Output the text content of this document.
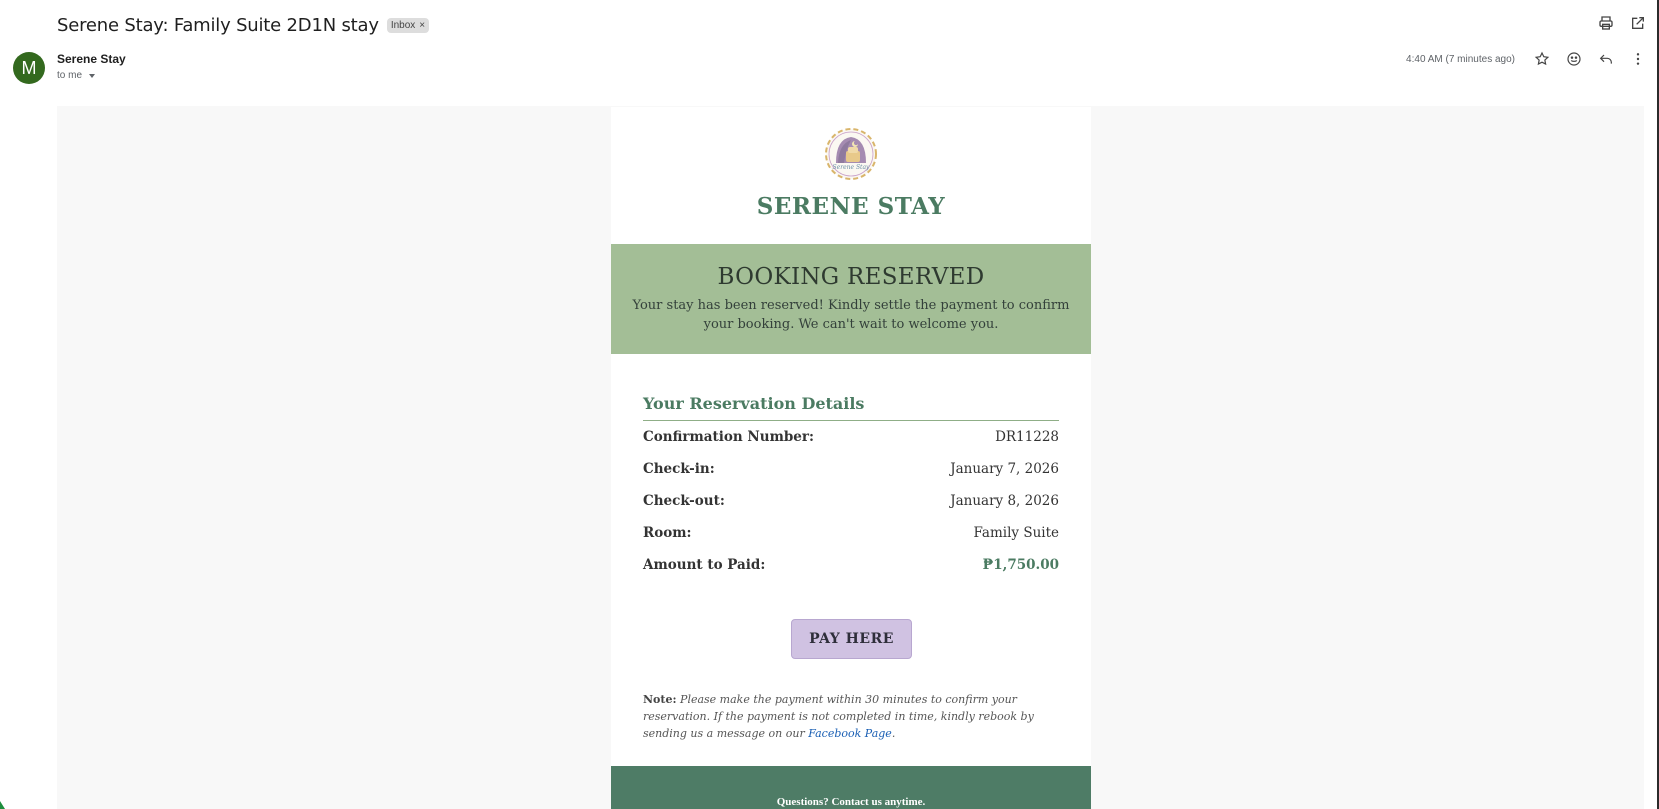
Serene Stay: Family Suite 2D1N stay Inbox ×
M	Serene Stay
to me
4:40 AM (7 minutes ago)
Serene Stay
SERENE STAY
BOOKING RESERVED
Your stay has been reserved! Kindly settle the payment to confirm your booking. We can't wait to welcome you.
Your Reservation Details
Confirmation Number:	DR11228
Check-in:	January 7, 2026
Check-out:	January 8, 2026
Room:	Family Suite
Amount to Paid:	₱1,750.00
PAY HERE
Note: Please make the payment within 30 minutes to confirm your reservation. If the payment is not completed in time, kindly rebook by sending us a message on our Facebook Page.
Questions? Contact us anytime.
